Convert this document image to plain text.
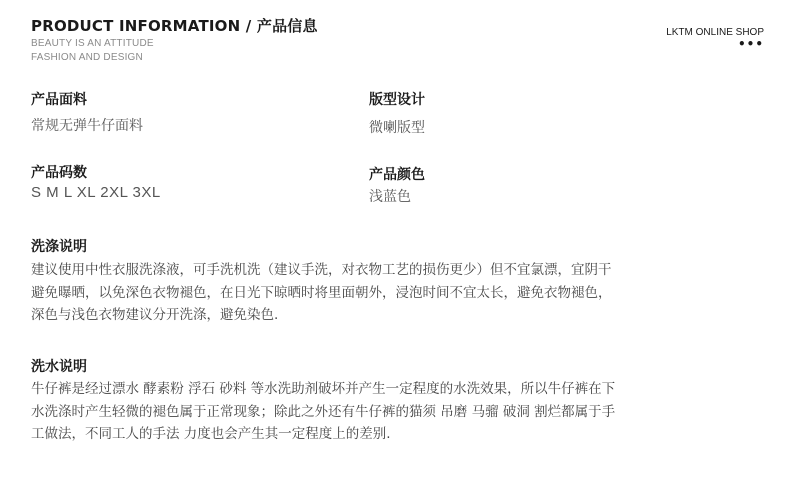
PRODUCT INFORMATION / 产品信息
BEAUTY IS AN ATTITUDE
FASHION AND DESIGN
LKTM ONLINE SHOP
•••
产品面料
常规无弹牛仔面料
版型设计
微喇版型
产品码数
S M L XL 2XL 3XL
产品颜色
浅蓝色
洗涤说明
建议使用中性衣服洗涤液，可手洗机洗（建议手洗，对衣物工艺的损伤更少）但不宜氯漂，宜阴干
避免曝晒，以免深色衣物褪色，在日光下晾晒时将里面朝外，浸泡时间不宜太长，避免衣物褪色，
深色与浅色衣物建议分开洗涤，避免染色.
洗水说明
牛仔裤是经过漂水 酵素粉 浮石 砂料 等水洗助剂破坏并产生一定程度的水洗效果，所以牛仔裤在下
水洗涤时产生轻微的褪色属于正常现象；除此之外还有牛仔裤的猫须 吊磨 马骝 破洞 割烂都属于手
工做法，不同工人的手法 力度也会产生其一定程度上的差别.
